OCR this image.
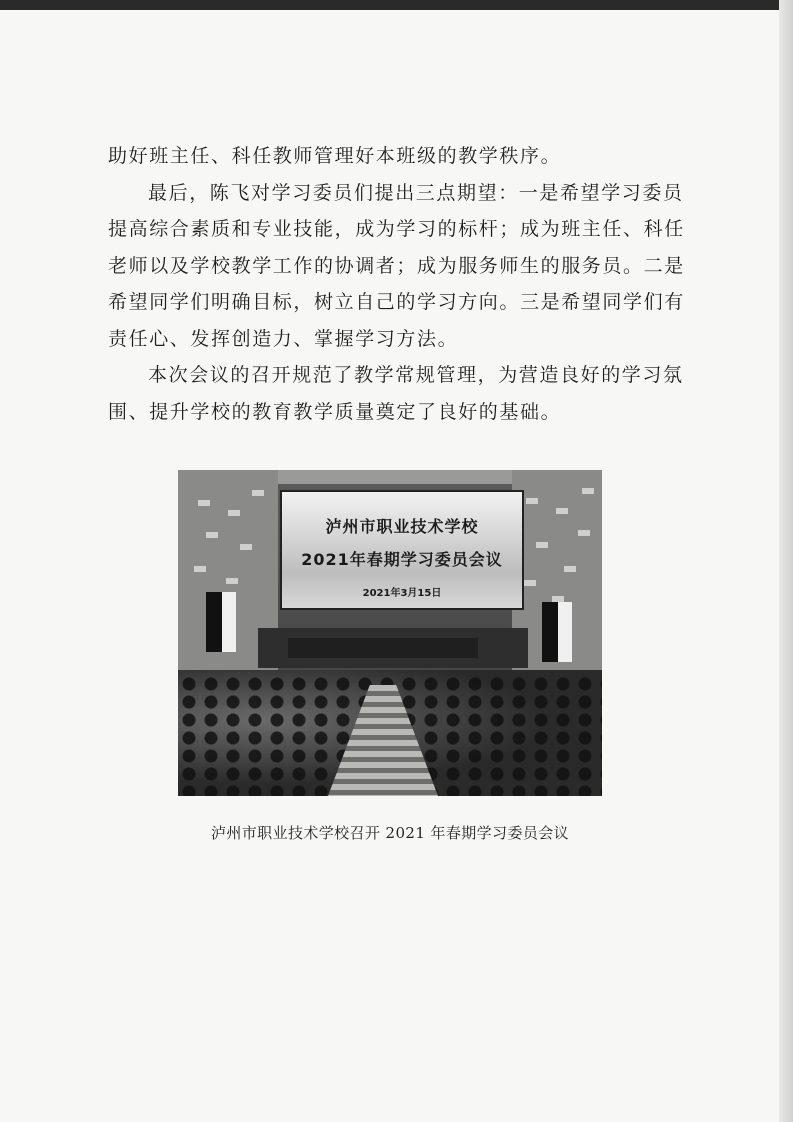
助好班主任、科任教师管理好本班级的教学秩序。
最后，陈飞对学习委员们提出三点期望：一是希望学习委员
提高综合素质和专业技能，成为学习的标杆；成为班主任、科任
老师以及学校教学工作的协调者；成为服务师生的服务员。二是
希望同学们明确目标，树立自己的学习方向。三是希望同学们有
责任心、发挥创造力、掌握学习方法。
本次会议的召开规范了教学常规管理，为营造良好的学习氛
围、提升学校的教育教学质量奠定了良好的基础。
泸州市职业技术学校
2021年春期学习委员会议
2021年3月15日
泸州市职业技术学校召开 2021 年春期学习委员会议
